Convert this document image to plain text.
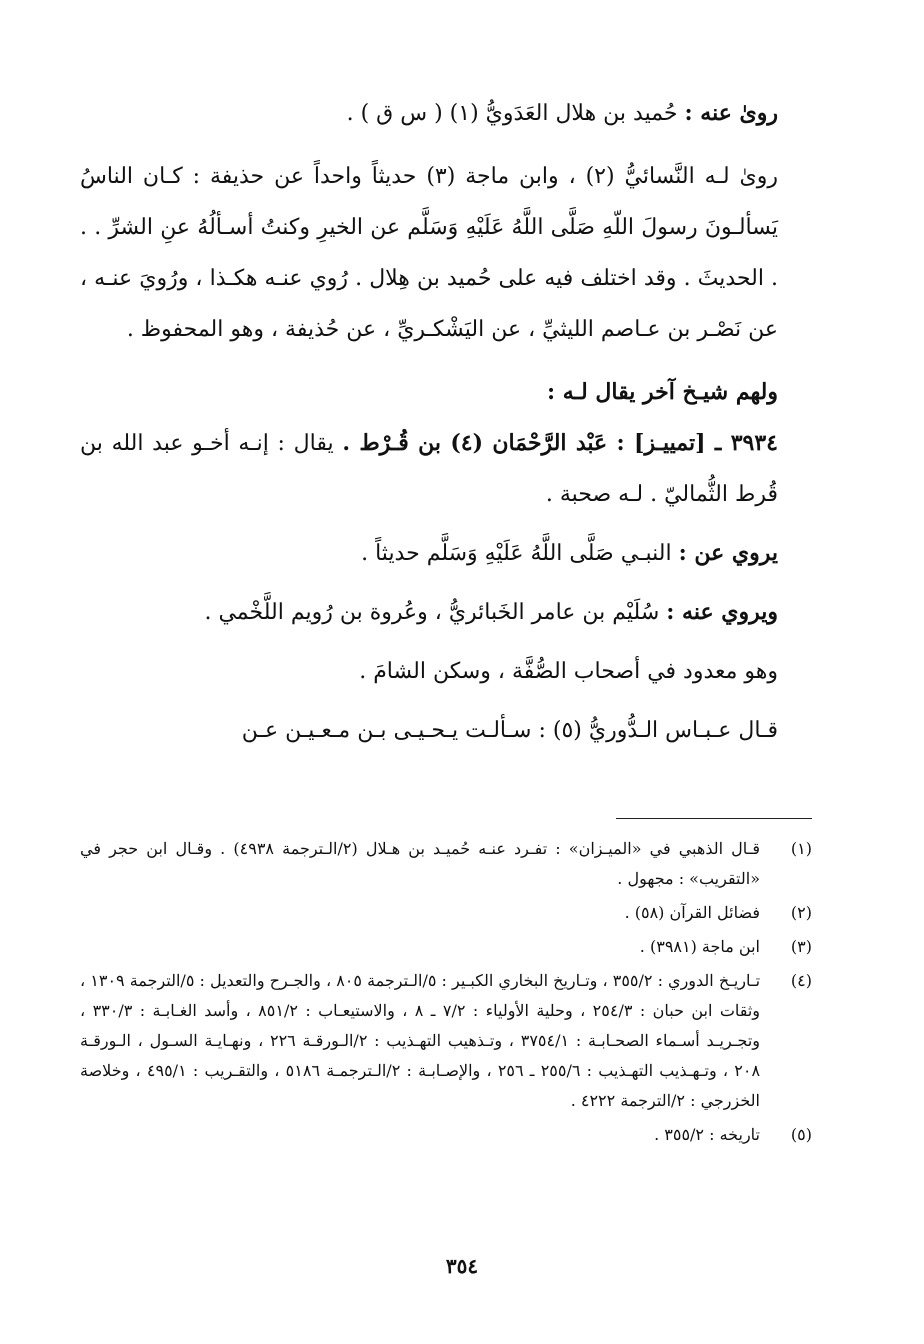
روىٰ عنه : حُميد بن هلال العَدَويُّ (١) ( س ق ) .

روىٰ لـه النَّسائيُّ (٢) ، وابن ماجة (٣) حديثاً واحداً عن حذيفة : كـان الناسُ يَسألـونَ رسولَ اللّهِ صَلَّى اللَّهُ عَلَيْهِ وَسَلَّم عن الخيرِ وكنتُ أسـألُهُ عنِ الشرِّ . . . الحديثَ . وقد اختلف فيه على حُميد بن هِلال . رُوي عنـه هكـذا ، ورُويَ عنـه ، عن نَصْـر بن عـاصم الليثيِّ ، عن اليَشْكـريِّ ، عن حُذيفة ، وهو المحفوظ .

ولهم شيـخ آخر يقال لـه :

٣٩٣٤ ـ [تمييـز] : عَبْد الرَّحْمَان (٤) بن قُـرْط . يقال : إنـه أخـو عبد الله بن قُرط الثُّماليّ . لـه صحبة .

يروي عن : النبـي صَلَّى اللَّهُ عَلَيْهِ وَسَلَّم حديثاً .

ويروي عنه : سُلَيْم بن عامر الخَبائريُّ ، وعُروة بن رُويم اللَّخْمي .

وهو معدود في أصحاب الصُّفَّة ، وسكن الشامَ .

قـال عـبـاس الـدُّوريُّ (٥) : سـألـت يـحـيـى بـن مـعـيـن عـن

(١)
قـال الذهبي في «الميـزان» : تفـرد عنـه حُميـد بن هـلال (٢/الـترجمة ٤٩٣٨) . وقـال ابن حجر في «التقريب» : مجهول .
(٢)
فضائل القرآن (٥٨) .
(٣)
ابن ماجة (٣٩٨١) .
(٤)
تـاريـخ الدوري : ٣٥٥/٢ ، وتـاريخ البخاري الكبـير : ٥/الـترجمة ٨٠٥ ، والجـرح والتعديل : ٥/الترجمة ١٣٠٩ ، وثقات ابن حبان : ٢٥٤/٣ ، وحلية الأولياء : ٧/٢ ـ ٨ ، والاستيعـاب : ٨٥١/٢ ، وأسد الغـابـة : ٣٣٠/٣ ، وتجـريـد أسـماء الصحـابـة : ٣٧٥٤/١ ، وتـذهيب التهـذيب : ٢/الـورقـة ٢٢٦ ، ونهـايـة السـول ، الـورقـة ٢٠٨ ، وتـهـذيب التهـذيب : ٢٥٥/٦ ـ ٢٥٦ ، والإصـابـة : ٢/الـترجمـة ٥١٨٦ ، والتقـريب : ٤٩٥/١ ، وخلاصة الخزرجي : ٢/الترجمة ٤٢٢٢ .
(٥)
تاريخه : ٣٥٥/٢ .
٣٥٤
